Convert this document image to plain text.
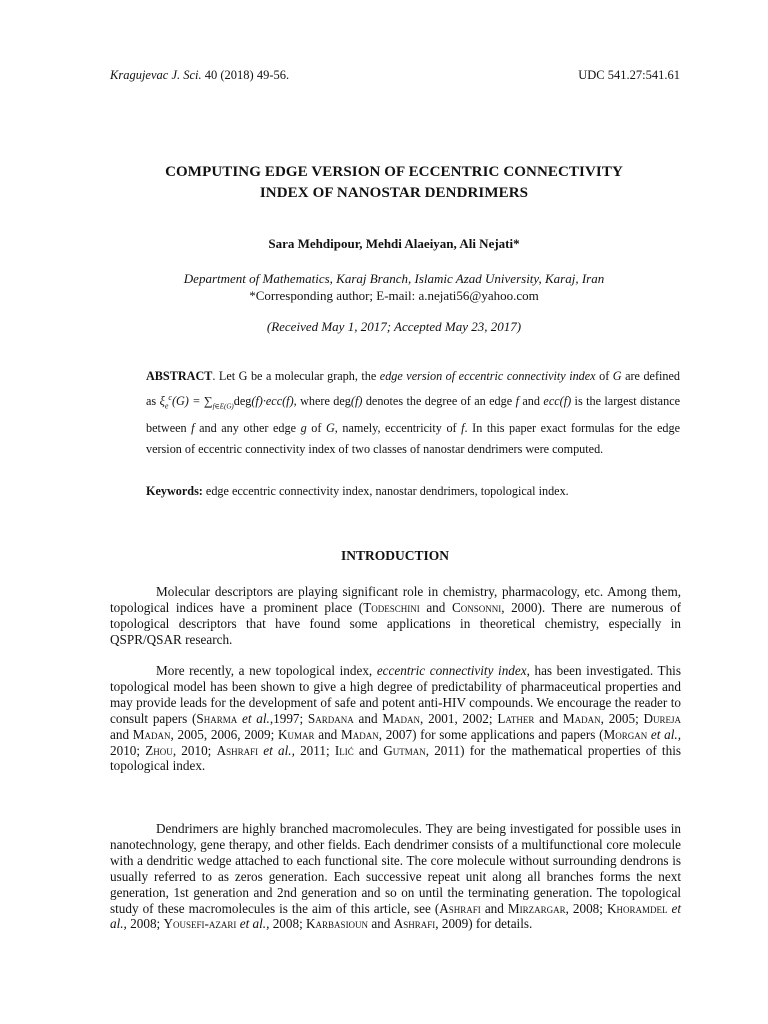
Kragujevac J. Sci. 40 (2018) 49-56.	UDC 541.27:541.61
COMPUTING EDGE VERSION OF ECCENTRIC CONNECTIVITY
INDEX OF NANOSTAR DENDRIMERS
Sara Mehdipour, Mehdi Alaeiyan, Ali Nejati*
Department of Mathematics, Karaj Branch, Islamic Azad University, Karaj, Iran
*Corresponding author; E-mail: a.nejati56@yahoo.com
(Received May 1, 2017; Accepted May 23, 2017)
ABSTRACT. Let G be a molecular graph, the edge version of eccentric connectivity index of G are defined as $\xi_e^c(G) = \sum_{f\in E(G)}deg(f)\cdot ecc(f)$, where deg(f) denotes the degree of an edge f and ecc(f) is the largest distance between f and any other edge g of G, namely, eccentricity of f. In this paper exact formulas for the edge version of eccentric connectivity index of two classes of nanostar dendrimers were computed.
Keywords: edge eccentric connectivity index, nanostar dendrimers, topological index.
INTRODUCTION

Molecular descriptors are playing significant role in chemistry, pharmacology, etc. Among them, topological indices have a prominent place (Todeschini and Consonni, 2000). There are numerous of topological descriptors that have found some applications in theoretical chemistry, especially in QSPR/QSAR research.

More recently, a new topological index, eccentric connectivity index, has been investigated. This topological model has been shown to give a high degree of predictability of pharmaceutical properties and may provide leads for the development of safe and potent anti-HIV compounds. We encourage the reader to consult papers (Sharma et al.,1997; Sardana and Madan, 2001, 2002; Lather and Madan, 2005; Dureja and Madan, 2005, 2006, 2009; Kumar and Madan, 2007) for some applications and papers (Morgan et al., 2010; Zhou, 2010; Ashrafi et al., 2011; Ilić and Gutman, 2011) for the mathematical properties of this topological index.

Dendrimers are highly branched macromolecules. They are being investigated for possible uses in nanotechnology, gene therapy, and other fields. Each dendrimer consists of a multifunctional core molecule with a dendritic wedge attached to each functional site. The core molecule without surrounding dendrons is usually referred to as zeros generation. Each successive repeat unit along all branches forms the next generation, 1st generation and 2nd generation and so on until the terminating generation. The topological study of these macromolecules is the aim of this article, see (Ashrafi and Mirzargar, 2008; Khoramdel et al., 2008; Yousefi-azari et al., 2008; Karbasioun and Ashrafi, 2009) for details.
